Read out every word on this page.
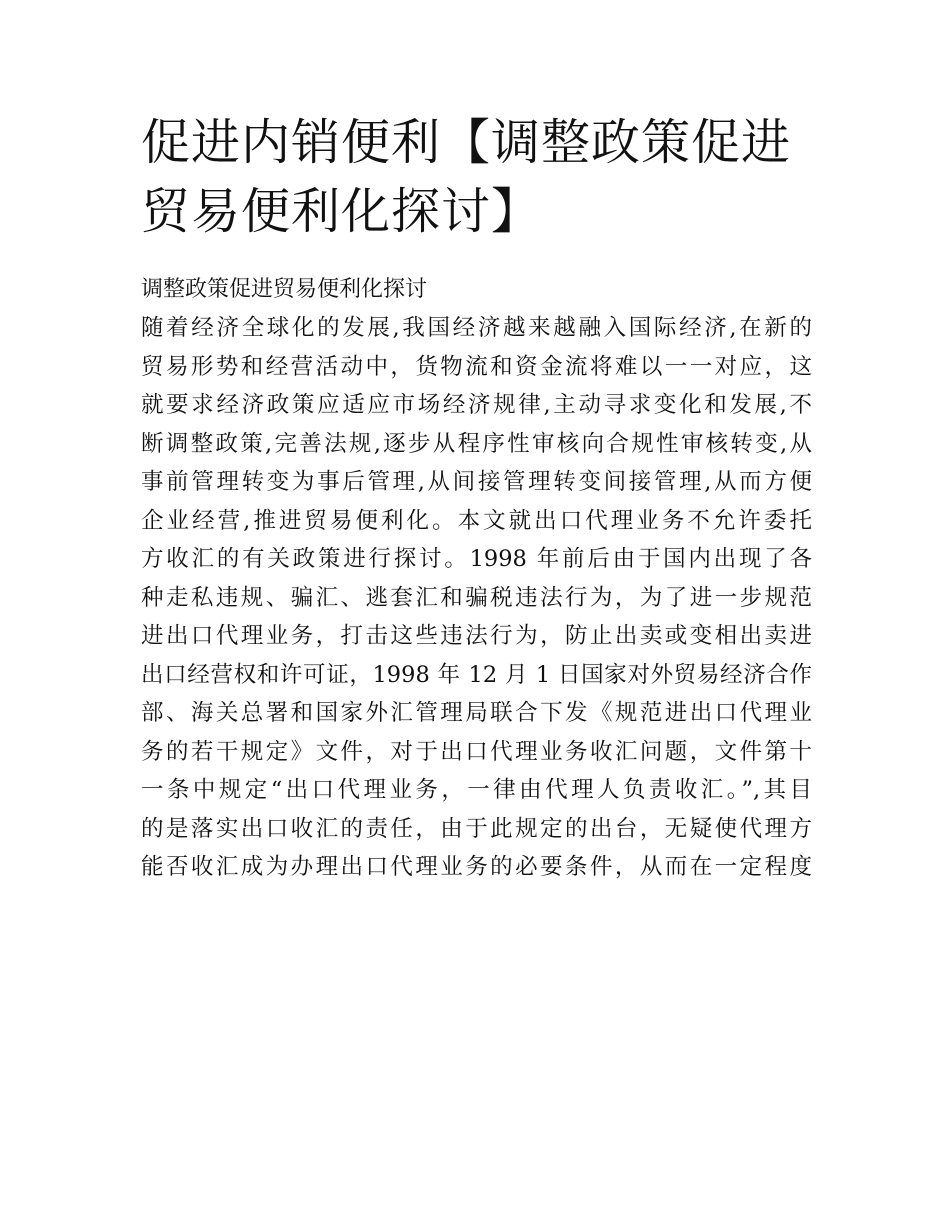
促进内销便利【调整政策促进
贸易便利化探讨】

调整政策促进贸易便利化探讨

随着经济全球化的发展,我国经济越来越融入国际经济,在新的
贸易形势和经营活动中，货物流和资金流将难以一一对应，这
就要求经济政策应适应市场经济规律,主动寻求变化和发展,不
断调整政策,完善法规,逐步从程序性审核向合规性审核转变,从
事前管理转变为事后管理,从间接管理转变间接管理,从而方便
企业经营,推进贸易便利化。本文就出口代理业务不允许委托
方收汇的有关政策进行探讨。1998 年前后由于国内出现了各
种走私违规、骗汇、逃套汇和骗税违法行为，为了进一步规范
进出口代理业务，打击这些违法行为，防止出卖或变相出卖进
出口经营权和许可证，1998 年 12 月 1 日国家对外贸易经济合作
部、海关总署和国家外汇管理局联合下发《规范进出口代理业
务的若干规定》文件，对于出口代理业务收汇问题，文件第十
一条中规定“出口代理业务，一律由代理人负责收汇。”,其目
的是落实出口收汇的责任，由于此规定的出台，无疑使代理方
能否收汇成为办理出口代理业务的必要条件，从而在一定程度
